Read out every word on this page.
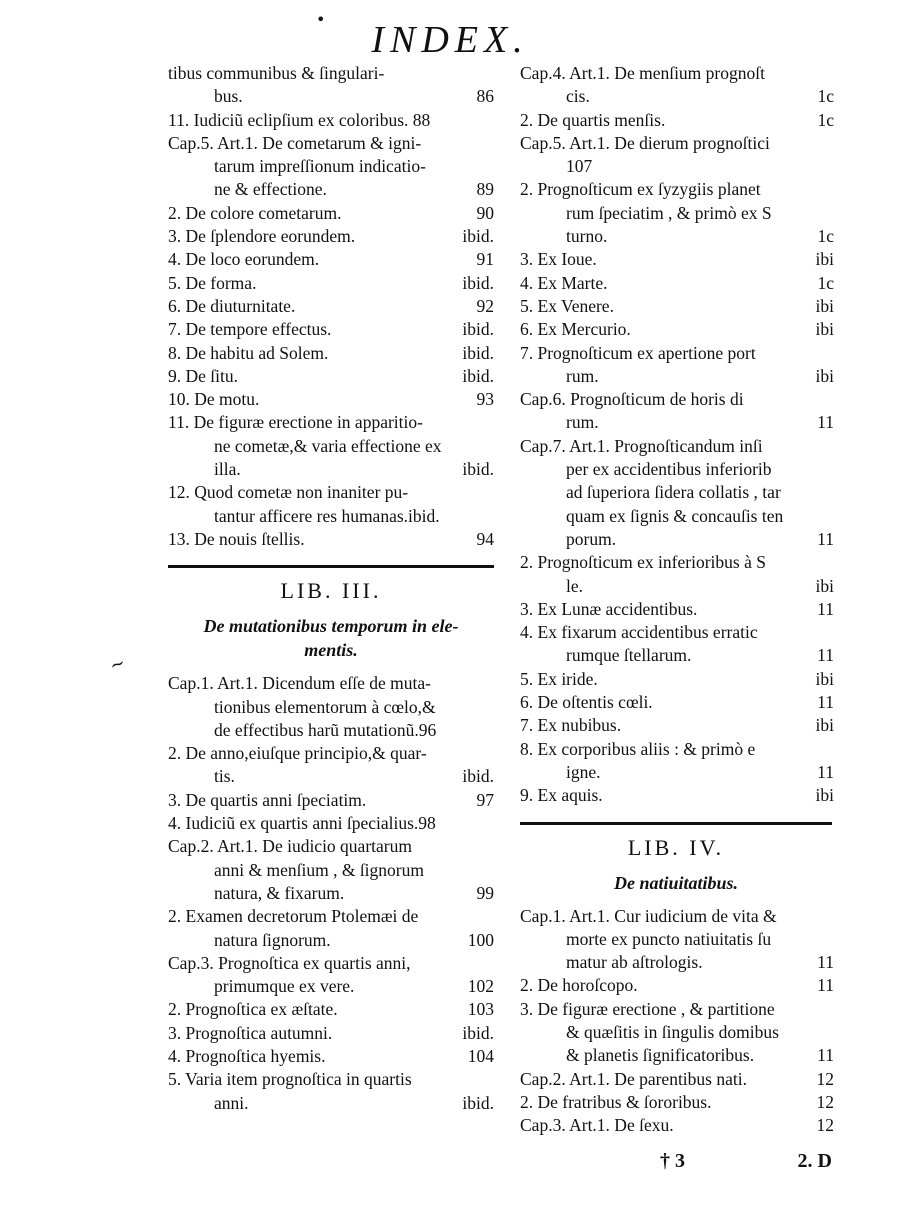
•	INDEX.
~
tibus communibus & ſingulari-
bus.	86
11. Iudiciũ eclipſium ex coloribus. 88
Cap.5. Art.1. De cometarum & igni-
tarum impreſſionum indicatio-
ne & effectione.	89
2. De colore cometarum.	90
3. De ſplendore eorundem.	ibid.
4. De loco eorundem.	91
5. De forma.	ibid.
6. De diuturnitate.	92
7. De tempore effectus.	ibid.
8. De habitu ad Solem.	ibid.
9. De ſitu.	ibid.
10. De motu.	93
11. De figuræ erectione in apparitio-
ne cometæ,& varia effectione ex
illa.	ibid.
12. Quod cometæ non inaniter pu-
tantur afficere res humanas.ibid.
13. De nouis ſtellis.	94
LIB. III.
De mutationibus temporum in ele-
mentis.
Cap.1. Art.1. Dicendum eſſe de muta-
tionibus elementorum à cœlo,&
de effectibus harũ mutationũ.96
2. De anno,eiuſque principio,& quar-
tis.	ibid.
3. De quartis anni ſpeciatim.	97
4. Iudiciũ ex quartis anni ſpecialius.98
Cap.2. Art.1. De iudicio quartarum
anni & menſium , & ſignorum
natura, & fixarum.	99
2. Examen decretorum Ptolemæi de
natura ſignorum.	100
Cap.3. Prognoſtica ex quartis anni,
primumque ex vere.	102
2. Prognoſtica ex æſtate.	103
3. Prognoſtica autumni.	ibid.
4. Prognoſtica hyemis.	104
5. Varia item prognoſtica in quartis
anni.	ibid.
Cap.4. Art.1. De menſium prognoſt
cis.	1c
2. De quartis menſis.	1c
Cap.5. Art.1. De dierum prognoſtici
107
2. Prognoſticum ex ſyzygiis planet
rum ſpeciatim , & primò ex S
turno.	1c
3. Ex Ioue.	ibi
4. Ex Marte.	1c
5. Ex Venere.	ibi
6. Ex Mercurio.	ibi
7. Prognoſticum ex apertione port
rum.	ibi
Cap.6. Prognoſticum de horis di
rum.	11
Cap.7. Art.1. Prognoſticandum inſi
per ex accidentibus inferiorib
ad ſuperiora ſidera collatis , tar
quam ex ſignis & concauſis ten
porum.	11
2. Prognoſticum ex inferioribus à S
le.	ibi
3. Ex Lunæ accidentibus.	11
4. Ex fixarum accidentibus erratic
rumque ſtellarum.	11
5. Ex iride.	ibi
6. De oſtentis cœli.	11
7. Ex nubibus.	ibi
8. Ex corporibus aliis : & primò e
igne.	11
9. Ex aquis.	ibi
LIB. IV.
De natiuitatibus.
Cap.1. Art.1. Cur iudicium de vita &
morte ex puncto natiuitatis ſu
matur ab aſtrologis.	11
2. De horoſcopo.	11
3. De figuræ erectione , & partitione
& quæſitis in ſingulis domibus
& planetis ſignificatoribus.	11
Cap.2. Art.1. De parentibus nati.	12
2. De fratribus & ſororibus.	12
Cap.3. Art.1. De ſexu.	12
† 3	2. D
